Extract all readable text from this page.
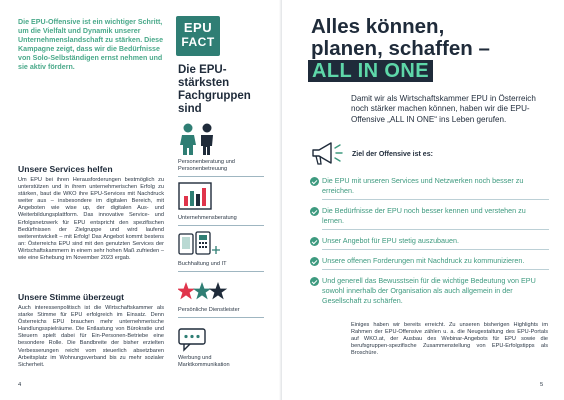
Die EPU-Offensive ist ein wichtiger Schritt, um die Vielfalt und Dynamik unserer Unternehmenslandschaft zu stärken. Diese Kampagne zeigt, dass wir die Bedürfnisse von Solo-Selbständigen ernst nehmen und sie aktiv fördern.

Unsere Services helfen

Um EPU bei ihren Herausforderungen bestmöglich zu unterstützen und in ihrem unternehmerischen Erfolg zu stärken, baut die WKO ihre EPU-Services mit Nachdruck weiter aus – insbesondere im digitalen Bereich, mit Angeboten wie wise up, der digitalen Aus- und Weiterbildungsplattform. Das innovative Service- und Erfolgsnetzwerk für EPU entspricht den spezifischen Bedürfnissen der Zielgruppe und wird laufend weiterentwickelt – mit Erfolg! Das Angebot kommt bestens an: Österreichs EPU sind mit den genutzten Services der Wirtschaftskammern in einem sehr hohen Maß zufrieden – wie eine Erhebung im November 2023 ergab.

Unsere Stimme überzeugt

Auch interessenpolitisch ist die Wirtschaftskammer als starke Stimme für EPU erfolgreich im Einsatz. Denn Österreichs EPU brauchen mehr unternehmerische Handlungsspielräume. Die Entlastung von Bürokratie und Steuern spielt dabei für Ein-Personen-Betriebe eine besondere Rolle. Die Bandbreite der bisher erzielten Verbesserungen reicht vom steuerlich absetzbaren Arbeitsplatz im Wohnungsverband bis zu mehr sozialer Sicherheit.

EPU
FACT
Die EPU-stärksten Fachgruppen sind
Personenberatung und Personenbetreuung
Unternehmensberatung
Buchhaltung und IT
Persönliche Dienstleister
Werbung und Marktkommunikation
4
Alles können,
planen, schaffen –
ALL IN ONE

Damit wir als Wirtschaftskammer EPU in Österreich noch stärker machen können, haben wir die EPU-Offensive „ALL IN ONE“ ins Leben gerufen.

Ziel der Offensive ist es:
Die EPU mit unseren Services und Netzwerken noch besser zu erreichen.
Die Bedürfnisse der EPU noch besser kennen und verstehen zu lernen.
Unser Angebot für EPU stetig auszubauen.
Unsere offenen Forderungen mit Nachdruck zu kommunizieren.
Und generell das Bewusstsein für die wichtige Bedeutung von EPU sowohl innerhalb der Organisation als auch allgemein in der Gesellschaft zu schärfen.

Einiges haben wir bereits erreicht. Zu unseren bisherigen Highlights im Rahmen der EPU-Offensive zählen u. a. die Neugestaltung des EPU-Portals auf WKO.at, der Ausbau des Webinar-Angebots für EPU sowie die berufsgruppen-spezifische Zusammenstellung von EPU-Erfolgstipps als Broschüre.

5
